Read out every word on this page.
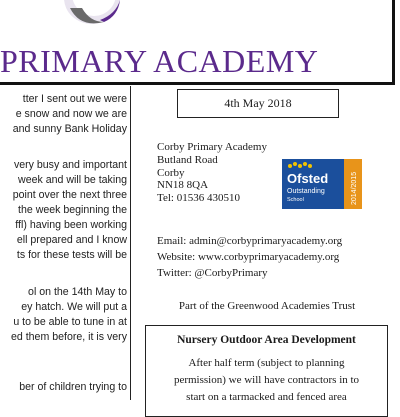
PRIMARY ACADEMY
tter I sent out we were
e snow and now we are
and sunny Bank Holiday
very busy and important
week and will be taking
point over the next three
the week beginning the
ffl) having been working
ell prepared and I know
ts for these tests will be
ol on the 14th May to
ey hatch. We will put a
u to be able to tune in at
ed them before, it is very
ber of children trying to
4th May 2018
Corby Primary Academy
Butland Road
Corby
NN18 8QA
Tel: 01536 430510
Ofsted
Outstanding
School	2014/2015
Email: admin@corbyprimaryacademy.org
Website: www.corbyprimaryacademy.org
Twitter: @CorbyPrimary
Part of the Greenwood Academies Trust
Nursery Outdoor Area Development
After half term (subject to planning
permission) we will have contractors in to
start on a tarmacked and fenced area
